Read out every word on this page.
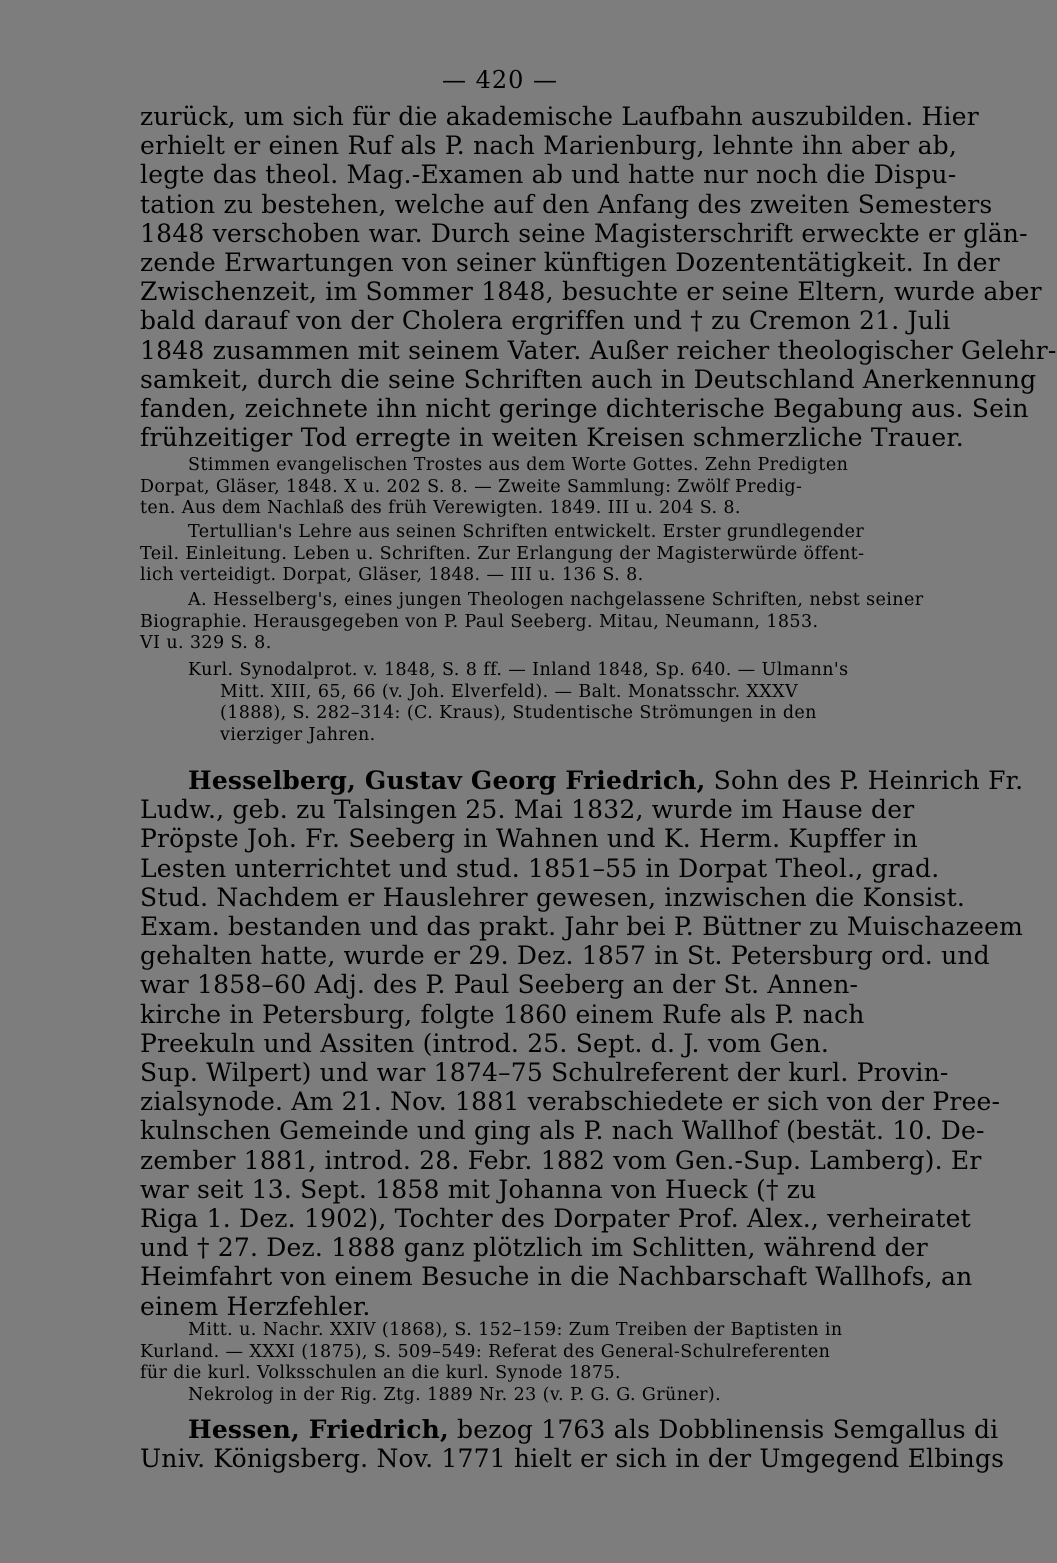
— 420 —

zurück, um sich für die akademische Laufbahn auszubilden. Hier

erhielt er einen Ruf als P. nach Marienburg, lehnte ihn aber ab,

legte das theol. Mag.-Examen ab und hatte nur noch die Dispu-

tation zu bestehen, welche auf den Anfang des zweiten Semesters

1848 verschoben war. Durch seine Magisterschrift erweckte er glän-

zende Erwartungen von seiner künftigen Dozententätigkeit. In der

Zwischenzeit, im Sommer 1848, besuchte er seine Eltern, wurde aber

bald darauf von der Cholera ergriffen und † zu Cremon 21. Juli

1848 zusammen mit seinem Vater. Außer reicher theologischer Gelehr-

samkeit, durch die seine Schriften auch in Deutschland Anerkennung

fanden, zeichnete ihn nicht geringe dichterische Begabung aus. Sein

frühzeitiger Tod erregte in weiten Kreisen schmerzliche Trauer.

Stimmen evangelischen Trostes aus dem Worte Gottes. Zehn Predigten

Dorpat, Gläser, 1848. X u. 202 S. 8. — Zweite Sammlung: Zwölf Predig-

ten. Aus dem Nachlaß des früh Verewigten. 1849. III u. 204 S. 8.

Tertullian's Lehre aus seinen Schriften entwickelt. Erster grundlegender

Teil. Einleitung. Leben u. Schriften. Zur Erlangung der Magisterwürde öffent-

lich verteidigt. Dorpat, Gläser, 1848. — III u. 136 S. 8.

A. Hesselberg's, eines jungen Theologen nachgelassene Schriften, nebst seiner

Biographie. Herausgegeben von P. Paul Seeberg. Mitau, Neumann, 1853.

VI u. 329 S. 8.

Kurl. Synodalprot. v. 1848, S. 8 ff. — Inland 1848, Sp. 640. — Ulmann's

Mitt. XIII, 65, 66 (v. Joh. Elverfeld). — Balt. Monatsschr. XXXV

(1888), S. 282–314: (C. Kraus), Studentische Strömungen in den

vierziger Jahren.

Hesselberg, Gustav Georg Friedrich, Sohn des P. Heinrich Fr.

Ludw., geb. zu Talsingen 25. Mai 1832, wurde im Hause der

Pröpste Joh. Fr. Seeberg in Wahnen und K. Herm. Kupffer in

Lesten unterrichtet und stud. 1851–55 in Dorpat Theol., grad.

Stud. Nachdem er Hauslehrer gewesen, inzwischen die Konsist.

Exam. bestanden und das prakt. Jahr bei P. Büttner zu Muischazeem

gehalten hatte, wurde er 29. Dez. 1857 in St. Petersburg ord. und

war 1858–60 Adj. des P. Paul Seeberg an der St. Annen-

kirche in Petersburg, folgte 1860 einem Rufe als P. nach

Preekuln und Assiten (introd. 25. Sept. d. J. vom Gen.

Sup. Wilpert) und war 1874–75 Schulreferent der kurl. Provin-

zialsynode. Am 21. Nov. 1881 verabschiedete er sich von der Pree-

kulnschen Gemeinde und ging als P. nach Wallhof (bestät. 10. De-

zember 1881, introd. 28. Febr. 1882 vom Gen.-Sup. Lamberg). Er

war seit 13. Sept. 1858 mit Johanna von Hueck († zu

Riga 1. Dez. 1902), Tochter des Dorpater Prof. Alex., verheiratet

und † 27. Dez. 1888 ganz plötzlich im Schlitten, während der

Heimfahrt von einem Besuche in die Nachbarschaft Wallhofs, an

einem Herzfehler.

Mitt. u. Nachr. XXIV (1868), S. 152–159: Zum Treiben der Baptisten in

Kurland. — XXXI (1875), S. 509–549: Referat des General-Schulreferenten

für die kurl. Volksschulen an die kurl. Synode 1875.

Nekrolog in der Rig. Ztg. 1889 Nr. 23 (v. P. G. G. Grüner).

Hessen, Friedrich, bezog 1763 als Dobblinensis Semgallus di

Univ. Königsberg. Nov. 1771 hielt er sich in der Umgegend Elbings
